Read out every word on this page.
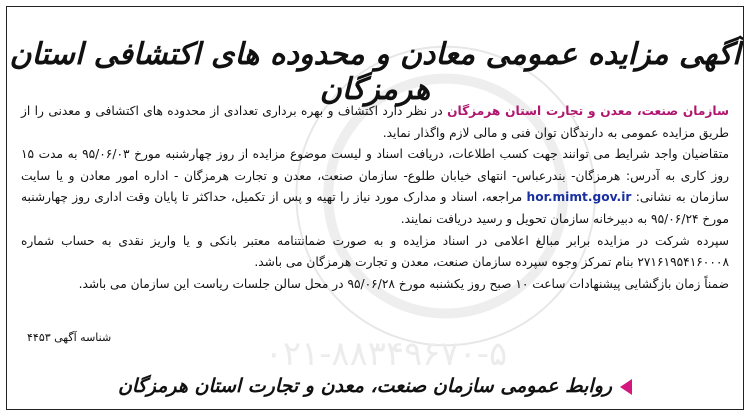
۰۲۱-۸۸۳۴۹۶۷۰-۵
آگهی مزایده عمومی معادن و محدوده های اکتشافی استان هرمزگان

سازمان صنعت، معدن و تجارت استان هرمزگان در نظر دارد اکتشاف و بهره برداری تعدادی از محدوده های اکتشافی و معدنی را از طریق مزایده عمومی به دارندگان توان فنی و مالی لازم واگذار نماید.

متقاضیان واجد شرایط می توانند جهت کسب اطلاعات، دریافت اسناد و لیست موضوع مزایده از روز چهارشنبه مورخ ۹۵/۰۶/۰۳ به مدت ۱۵ روز کاری به آدرس: هرمزگان- بندرعباس- انتهای خیابان طلوع- سازمان صنعت، معدن و تجارت هرمزگان - اداره امور معادن و یا سایت سازمان به نشانی: hor.mimt.gov.ir مراجعه، اسناد و مدارک مورد نیاز را تهیه و پس از تکمیل، حداکثر تا پایان وقت اداری روز چهارشنبه مورخ ۹۵/۰۶/۲۴ به دبیرخانه سازمان تحویل و رسید دریافت نمایند.

سپرده شرکت در مزایده برابر مبالغ اعلامی در اسناد مزایده و به صورت ضمانتنامه معتبر بانکی و یا واریز نقدی به حساب شماره ۲۷۱۶۱۹۵۴۱۶۰۰۰۸ بنام تمرکز وجوه سپرده سازمان صنعت، معدن و تجارت هرمزگان می باشد.

ضمناً زمان بازگشایی پیشنهادات ساعت ۱۰ صبح روز یکشنبه مورخ ۹۵/۰۶/۲۸ در محل سالن جلسات ریاست این سازمان می باشد.

شناسه آگهی ۴۴۵۳
روابط عمومی سازمان صنعت، معدن و تجارت استان هرمزگان
